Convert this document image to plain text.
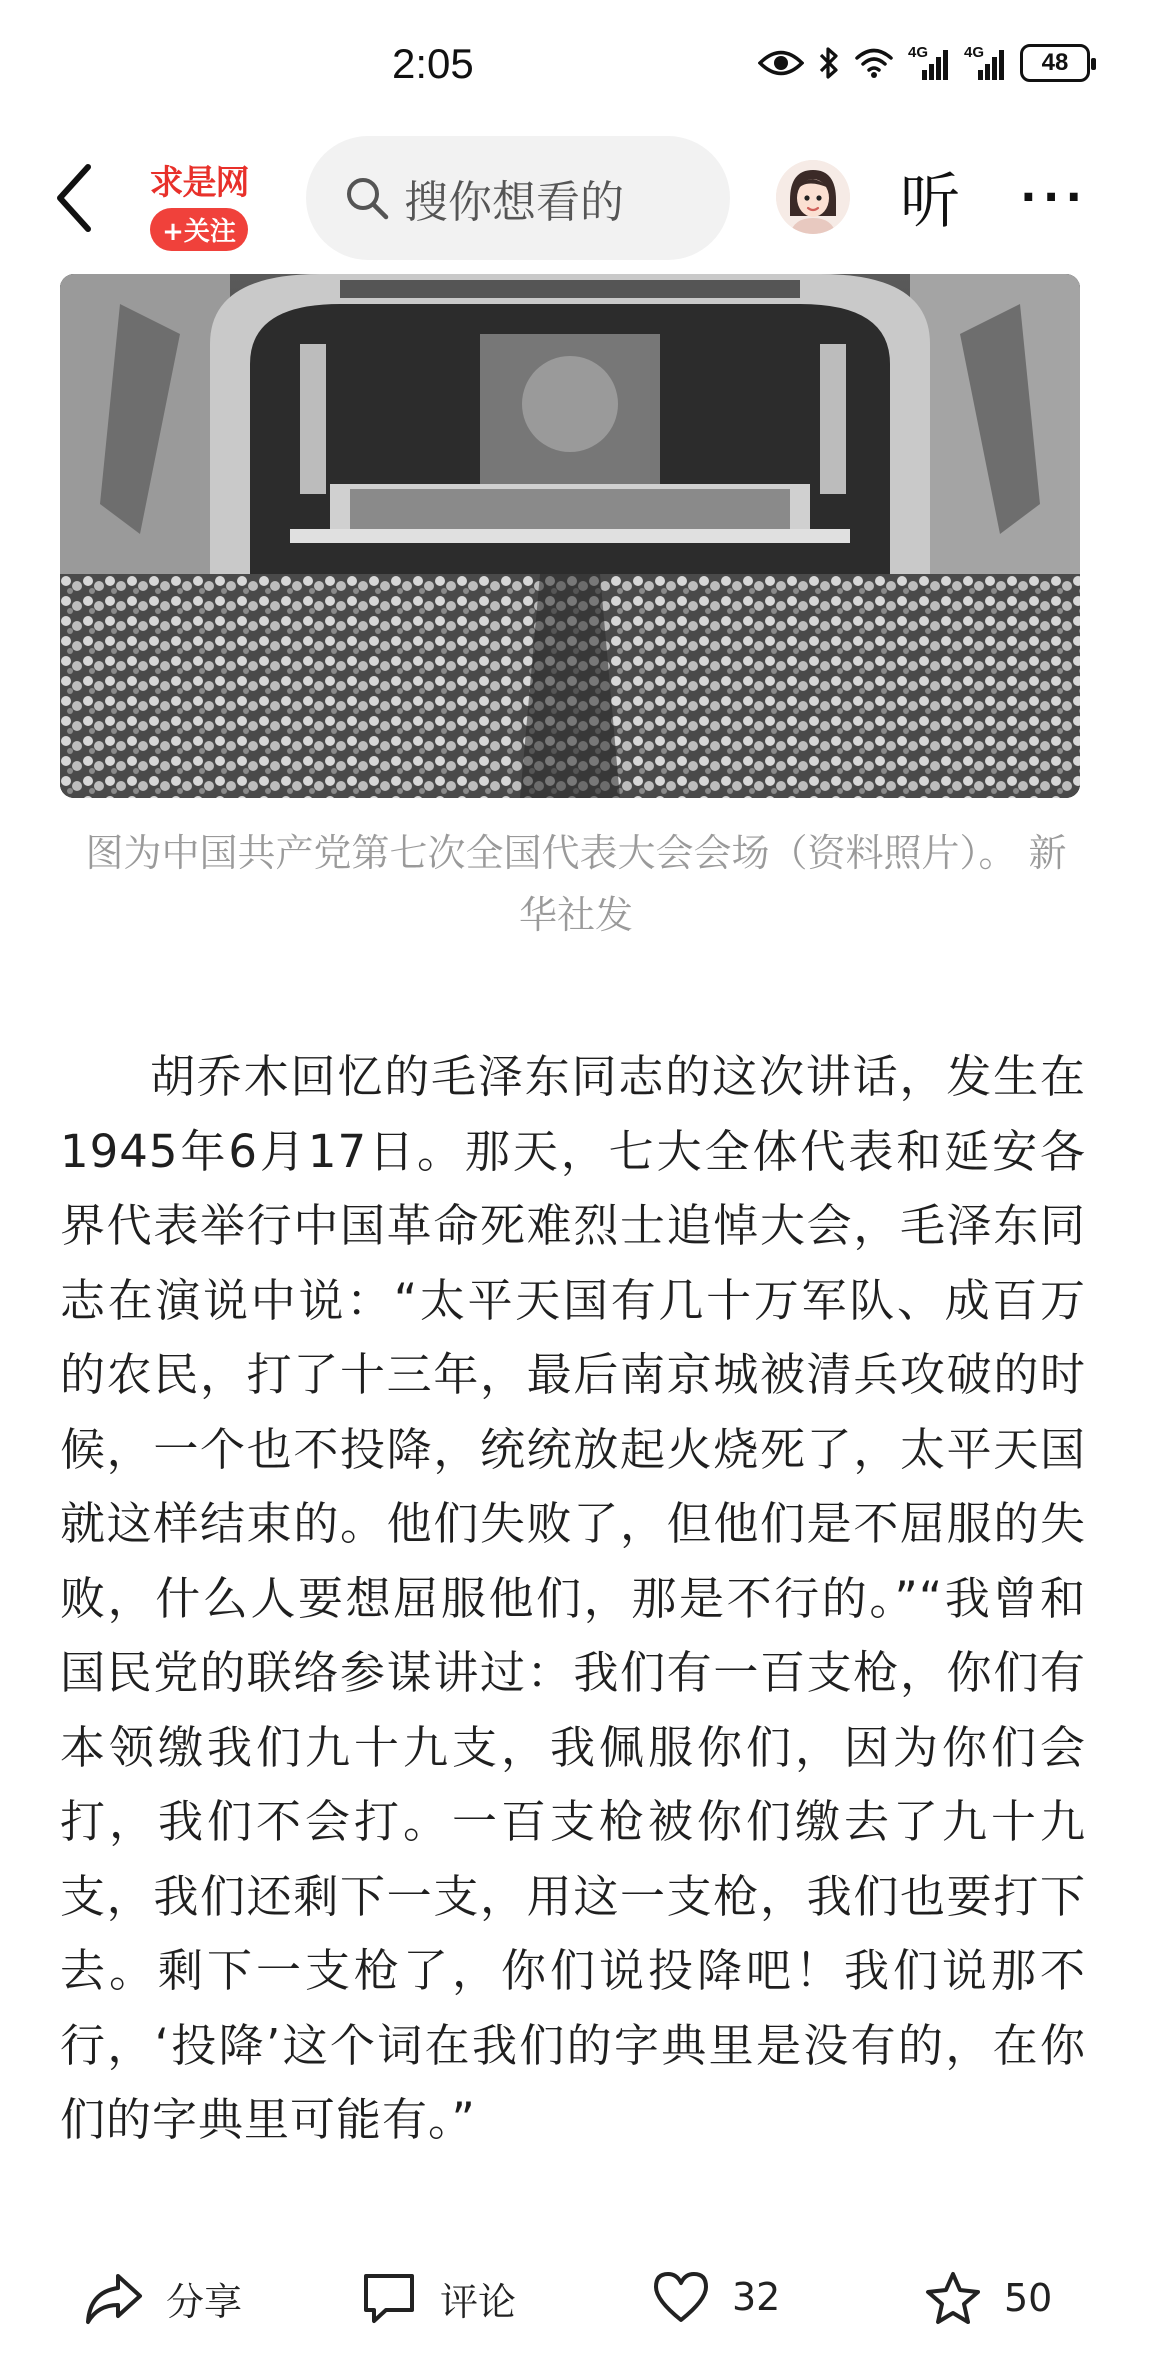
2:05	4G 4G 48
求是网
+关注
搜你想看的	听 ···

图为中国共产党第七次全国代表大会会场（资料照片）。 新华社发

胡乔木回忆的毛泽东同志的这次讲话，发生在1945年6月17日。那天，七大全体代表和延安各界代表举行中国革命死难烈士追悼大会，毛泽东同志在演说中说：“太平天国有几十万军队、成百万的农民，打了十三年，最后南京城被清兵攻破的时候，一个也不投降，统统放起火烧死了，太平天国就这样结束的。他们失败了，但他们是不屈服的失败，什么人要想屈服他们，那是不行的。”“我曾和国民党的联络参谋讲过：我们有一百支枪，你们有本领缴我们九十九支，我佩服你们，因为你们会打，我们不会打。一百支枪被你们缴去了九十九支，我们还剩下一支，用这一支枪，我们也要打下去。剩下一支枪了，你们说投降吧！我们说那不行，‘投降’这个词在我们的字典里是没有的，在你们的字典里可能有。”

分享	评论	32	50
